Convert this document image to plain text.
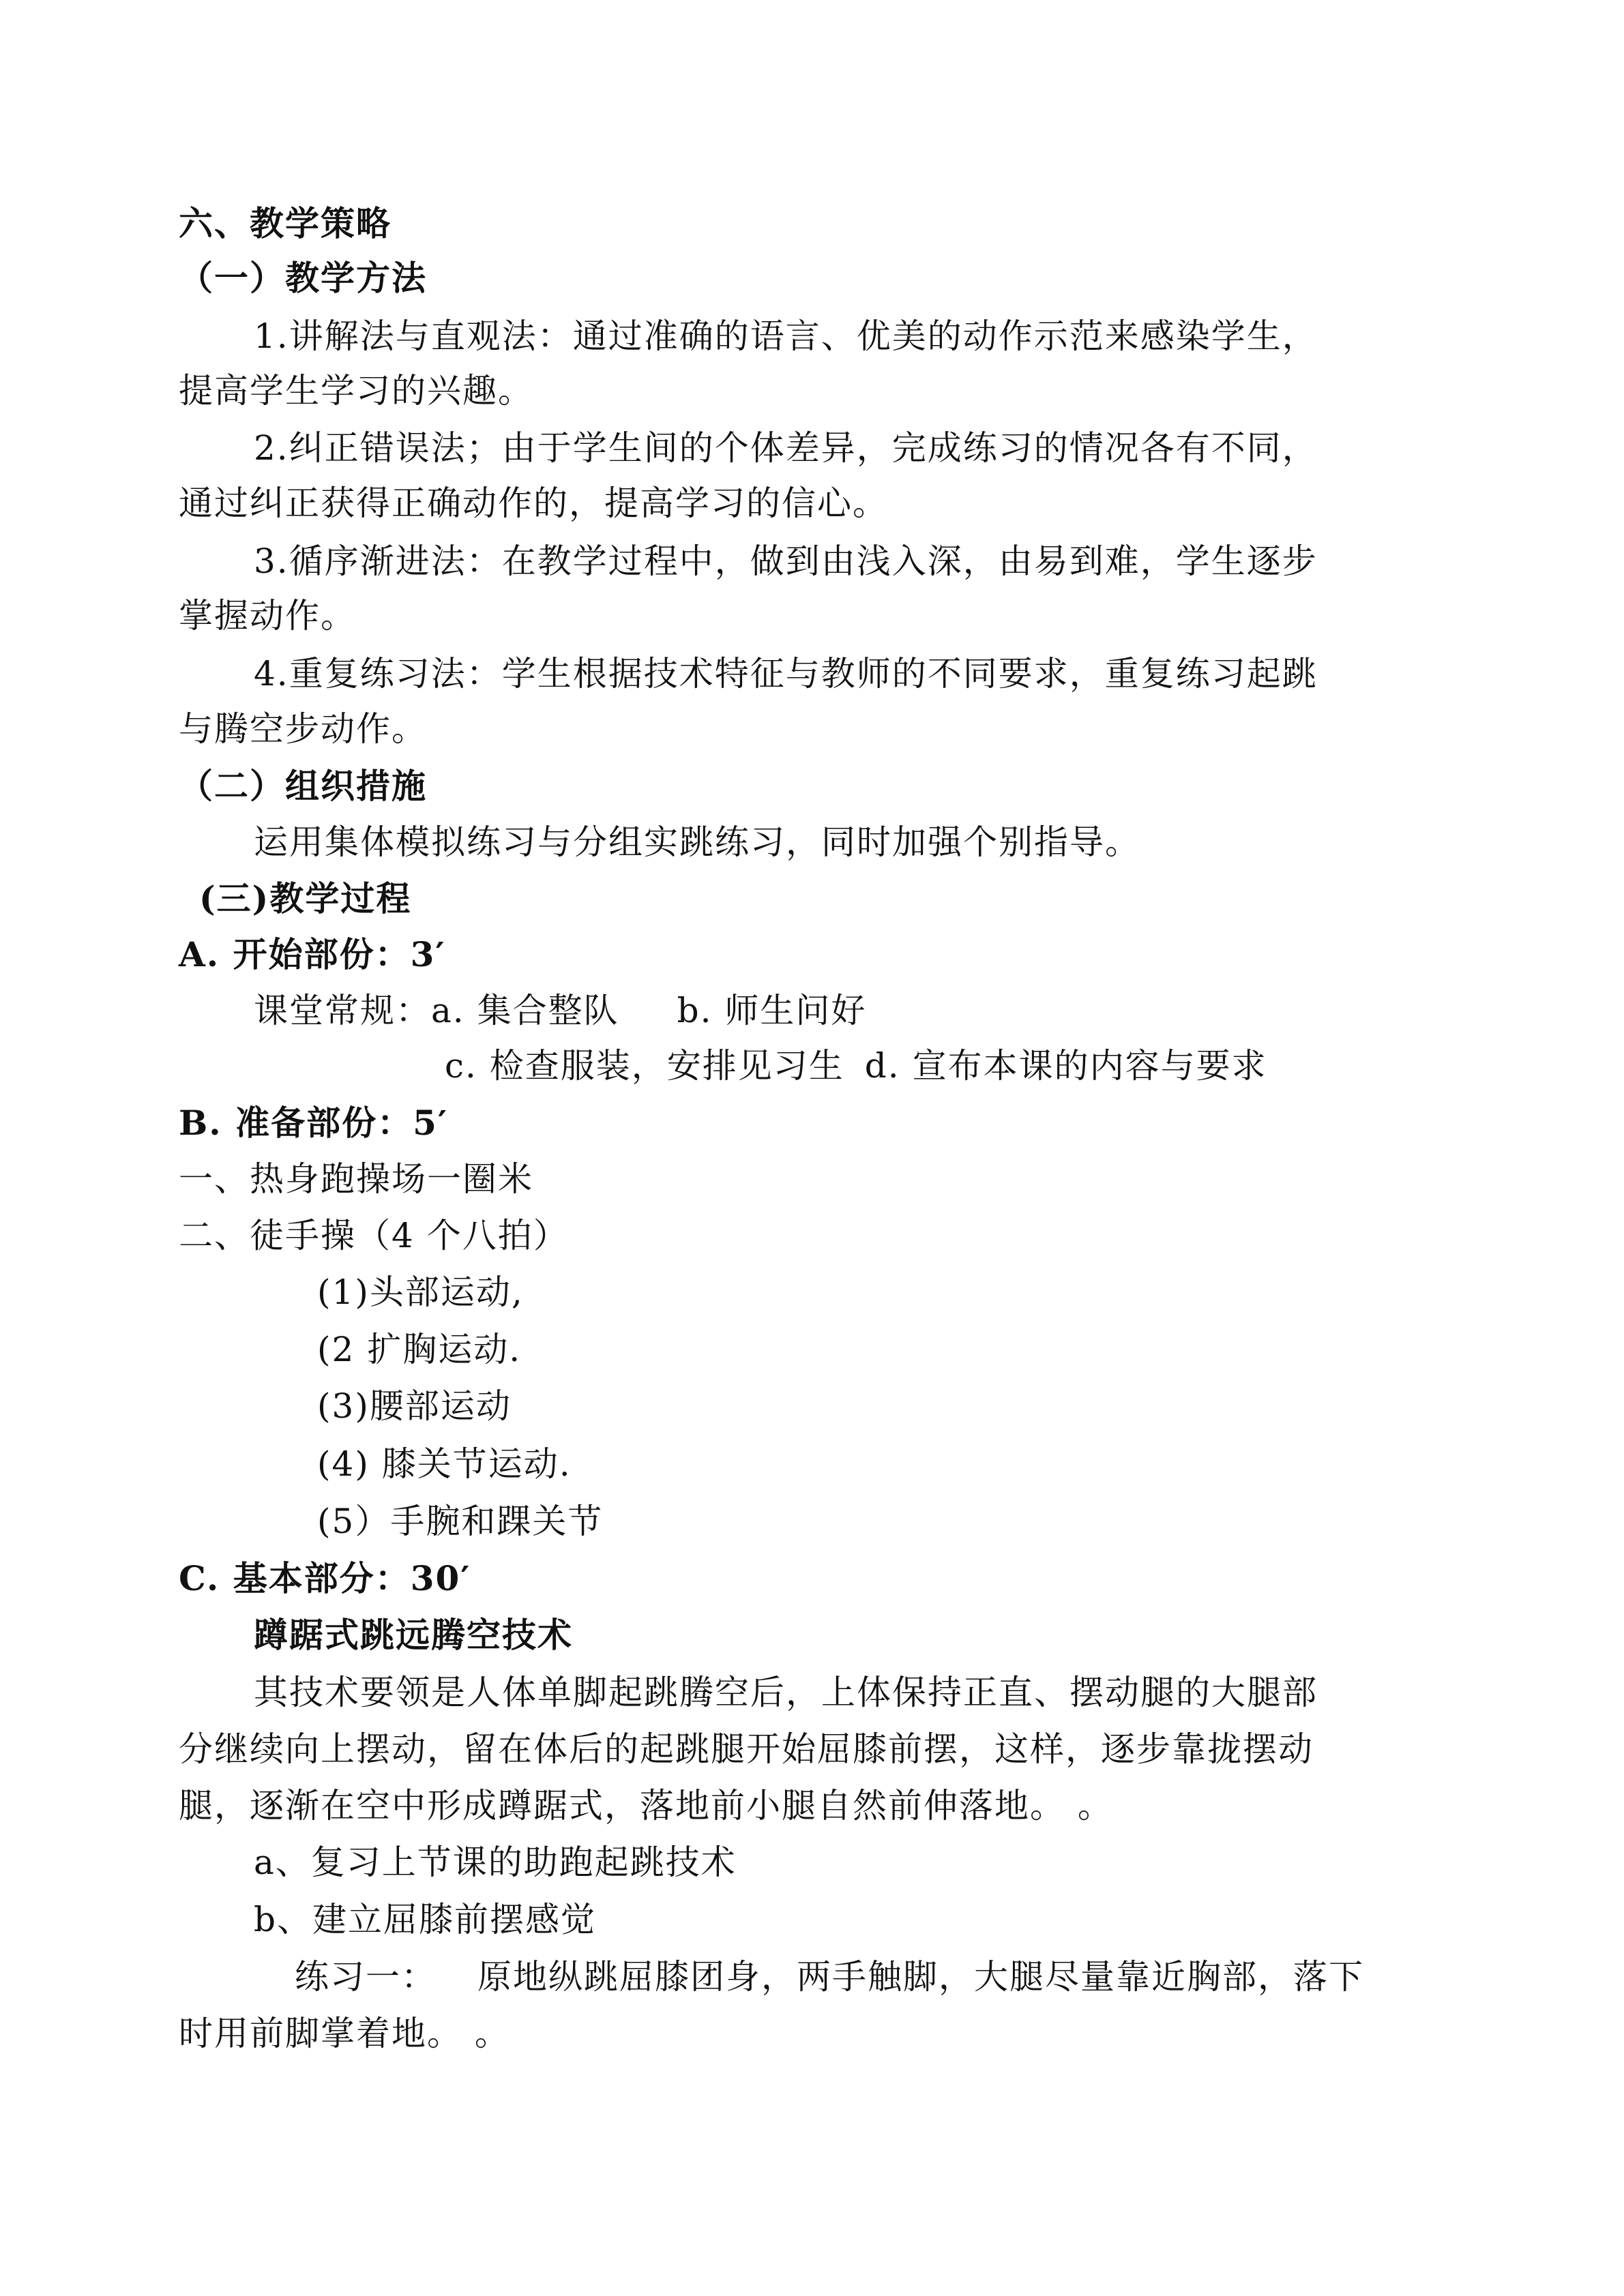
六、教学策略
（一）教学方法
1.讲解法与直观法：通过准确的语言、优美的动作示范来感染学生，
提高学生学习的兴趣。
2.纠正错误法；由于学生间的个体差异，完成练习的情况各有不同，
通过纠正获得正确动作的，提高学习的信心。
3.循序渐进法：在教学过程中，做到由浅入深，由易到难，学生逐步
掌握动作。
4.重复练习法：学生根据技术特征与教师的不同要求，重复练习起跳
与腾空步动作。
（二）组织措施
运用集体模拟练习与分组实跳练习，同时加强个别指导。
(三)教学过程
A. 开始部份：3′
课堂常规：a. 集合整队 b. 师生问好
c. 检查服装，安排见习生 d. 宣布本课的内容与要求
B. 准备部份：5′
一、热身跑操场一圈米
二、徒手操（4 个八拍）
(1)头部运动,
(2 扩胸运动.
(3)腰部运动
(4) 膝关节运动.
(5）手腕和踝关节
C. 基本部分：30′
蹲踞式跳远腾空技术
其技术要领是人体单脚起跳腾空后，上体保持正直、摆动腿的大腿部
分继续向上摆动，留在体后的起跳腿开始屈膝前摆，这样，逐步靠拢摆动
腿，逐渐在空中形成蹲踞式，落地前小腿自然前伸落地。 。
a、复习上节课的助跑起跳技术
b、建立屈膝前摆感觉
练习一： 原地纵跳屈膝团身，两手触脚，大腿尽量靠近胸部，落下
时用前脚掌着地。 。
